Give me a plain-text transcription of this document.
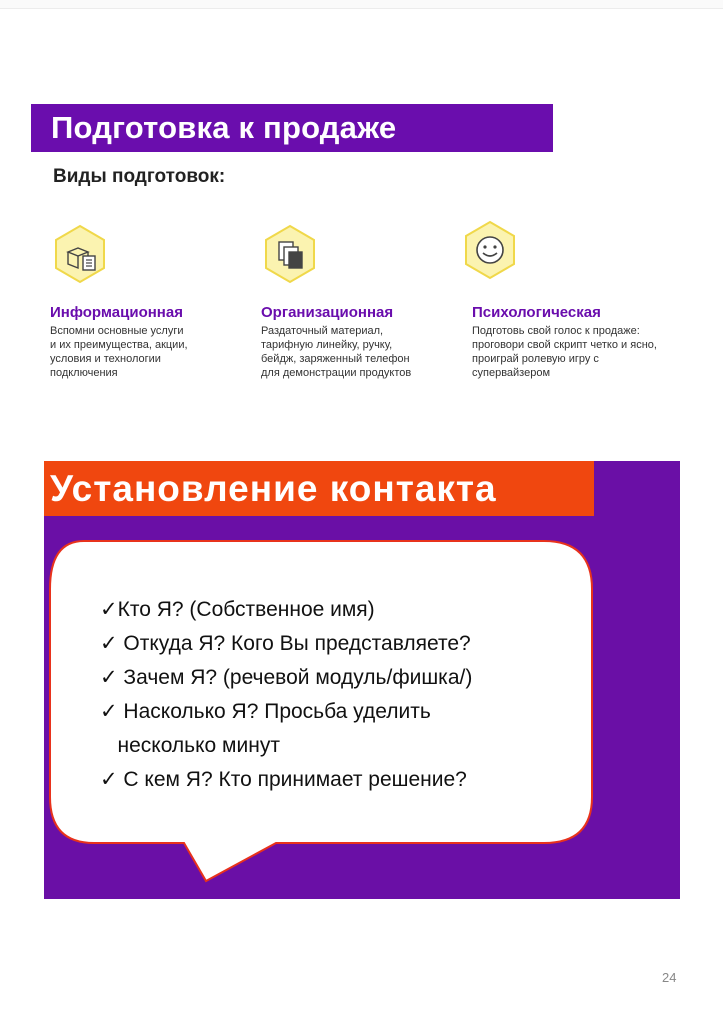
Подготовка к продаже
Виды подготовок:
Информационная
Вспомни основные услуги
и их преимущества, акции,
условия и технологии
подключения
Организационная
Раздаточный материал,
тарифную линейку, ручку,
бейдж, заряженный телефон
для демонстрации продуктов
Психологическая
Подготовь свой голос к продаже:
проговори свой скрипт четко и ясно,
проиграй ролевую игру с
супервайзером
Установление контакта
✓Кто Я? (Собственное имя)
✓ Откуда Я? Кого Вы представляете?
✓ Зачем Я? (речевой модуль/фишка/)
✓ Насколько Я? Просьба уделить
несколько минут
✓ С кем Я? Кто принимает решение?
24
